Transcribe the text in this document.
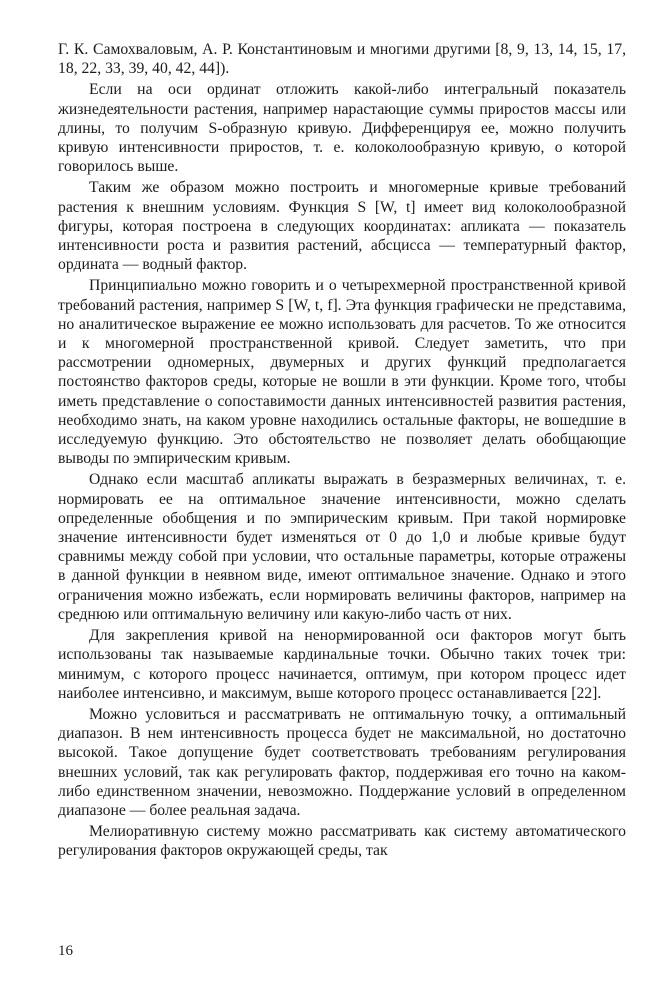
Г. К. Самохваловым, А. Р. Константиновым и многими другими [8, 9, 13, 14, 15, 17, 18, 22, 33, 39, 40, 42, 44]).

Если на оси ординат отложить какой-либо интегральный показатель жизнедеятельности растения, например нарастающие суммы приростов массы или длины, то получим S-образную кривую. Дифференцируя ее, можно получить кривую интенсивности приростов, т. е. колоколообразную кривую, о которой говорилось выше.

Таким же образом можно построить и многомерные кривые требований растения к внешним условиям. Функция S [W, t] имеет вид колоколообразной фигуры, которая построена в следующих координатах: апликата — показатель интенсивности роста и развития растений, абсцисса — температурный фактор, ордината — водный фактор.

Принципиально можно говорить и о четырехмерной пространственной кривой требований растения, например S [W, t, f]. Эта функция графически не представима, но аналитическое выражение ее можно использовать для расчетов. То же относится и к многомерной пространственной кривой. Следует заметить, что при рассмотрении одномерных, двумерных и других функций предполагается постоянство факторов среды, которые не вошли в эти функции. Кроме того, чтобы иметь представление о сопоставимости данных интенсивностей развития растения, необходимо знать, на каком уровне находились остальные факторы, не вошедшие в исследуемую функцию. Это обстоятельство не позволяет делать обобщающие выводы по эмпирическим кривым.

Однако если масштаб апликаты выражать в безразмерных величинах, т. е. нормировать ее на оптимальное значение интенсивности, можно сделать определенные обобщения и по эмпирическим кривым. При такой нормировке значение интенсивности будет изменяться от 0 до 1,0 и любые кривые будут сравнимы между собой при условии, что остальные параметры, которые отражены в данной функции в неявном виде, имеют оптимальное значение. Однако и этого ограничения можно избежать, если нормировать величины факторов, например на среднюю или оптимальную величину или какую-либо часть от них.

Для закрепления кривой на ненормированной оси факторов могут быть использованы так называемые кардинальные точки. Обычно таких точек три: минимум, с которого процесс начинается, оптимум, при котором процесс идет наиболее интенсивно, и максимум, выше которого процесс останавливается [22].

Можно условиться и рассматривать не оптимальную точку, а оптимальный диапазон. В нем интенсивность процесса будет не максимальной, но достаточно высокой. Такое допущение будет соответствовать требованиям регулирования внешних условий, так как регулировать фактор, поддерживая его точно на каком-либо единственном значении, невозможно. Поддержание условий в определенном диапазоне — более реальная задача.

Мелиоративную систему можно рассматривать как систему автоматического регулирования факторов окружающей среды, так

16
